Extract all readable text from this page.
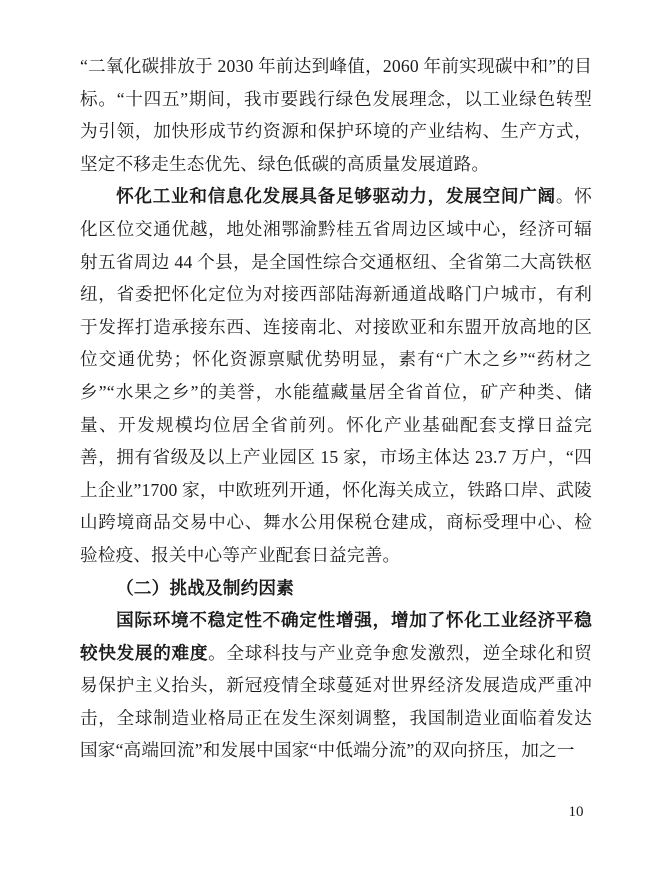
“二氧化碳排放于 2030 年前达到峰值，2060 年前实现碳中和”的目标。“十四五”期间，我市要践行绿色发展理念，以工业绿色转型为引领，加快形成节约资源和保护环境的产业结构、生产方式，坚定不移走生态优先、绿色低碳的高质量发展道路。

怀化工业和信息化发展具备足够驱动力，发展空间广阔。怀化区位交通优越，地处湘鄂渝黔桂五省周边区域中心，经济可辐射五省周边 44 个县，是全国性综合交通枢纽、全省第二大高铁枢纽，省委把怀化定位为对接西部陆海新通道战略门户城市，有利于发挥打造承接东西、连接南北、对接欧亚和东盟开放高地的区位交通优势；怀化资源禀赋优势明显，素有“广木之乡”“药材之乡”“水果之乡”的美誉，水能蕴藏量居全省首位，矿产种类、储量、开发规模均位居全省前列。怀化产业基础配套支撑日益完善，拥有省级及以上产业园区 15 家，市场主体达 23.7 万户，“四上企业”1700 家，中欧班列开通，怀化海关成立，铁路口岸、武陵山跨境商品交易中心、舞水公用保税仓建成，商标受理中心、检验检疫、报关中心等产业配套日益完善。

（二）挑战及制约因素

国际环境不稳定性不确定性增强，增加了怀化工业经济平稳较快发展的难度。全球科技与产业竞争愈发激烈，逆全球化和贸易保护主义抬头，新冠疫情全球蔓延对世界经济发展造成严重冲击，全球制造业格局正在发生深刻调整，我国制造业面临着发达国家“高端回流”和发展中国家“中低端分流”的双向挤压，加之一

10
